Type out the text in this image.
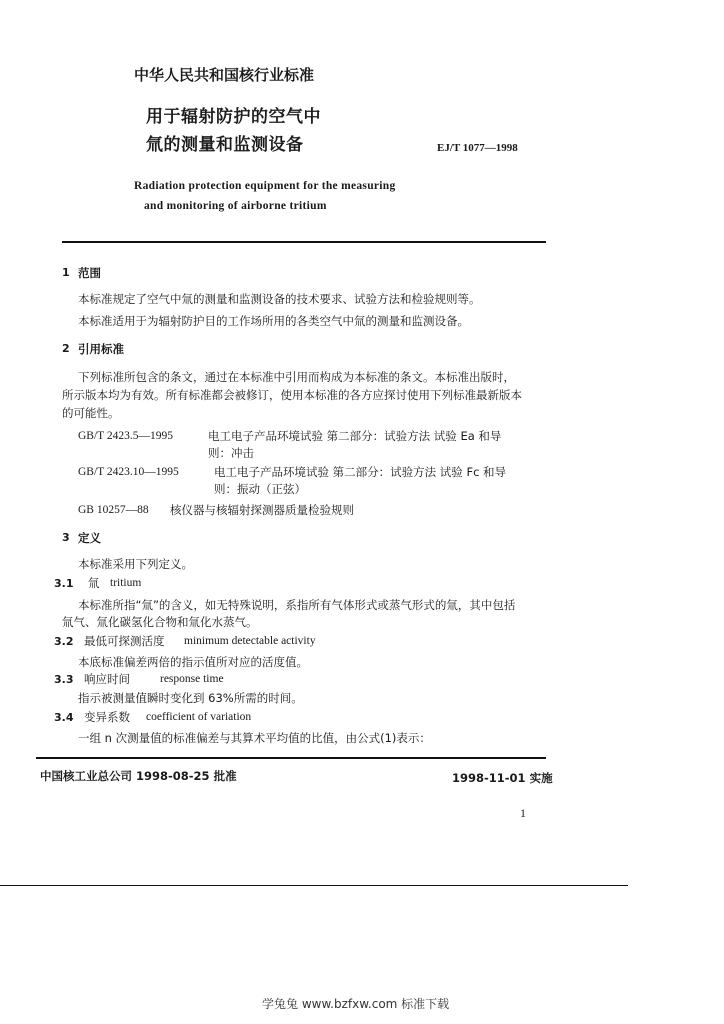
中华人民共和国核行业标准
用于辐射防护的空气中
氚的测量和监测设备	EJ/T 1077—1998
Radiation protection equipment for the measuring
and monitoring of airborne tritium
1 范围
本标准规定了空气中氚的测量和监测设备的技术要求、试验方法和检验规则等。
本标准适用于为辐射防护目的工作场所用的各类空气中氚的测量和监测设备。
2 引用标准
下列标准所包含的条文，通过在本标准中引用而构成为本标准的条文。本标准出版时，
所示版本均为有效。所有标准都会被修订，使用本标准的各方应探讨使用下列标准最新版本
的可能性。
GB/T 2423.5—1995	电工电子产品环境试验 第二部分：试验方法 试验 Ea 和导
则：冲击
GB/T 2423.10—1995	电工电子产品环境试验 第二部分：试验方法 试验 Fc 和导
则：振动（正弦）
GB 10257—88 核仪器与核辐射探测器质量检验规则
3 定义
本标准采用下列定义。
3.1 氚 tritium
本标准所指“氚”的含义，如无特殊说明，系指所有气体形式或蒸气形式的氚，其中包括
氚气、氚化碳氢化合物和氚化水蒸气。
3.2 最低可探测活度 minimum detectable activity
本底标准偏差两倍的指示值所对应的活度值。
3.3 响应时间	response time
指示被测量值瞬时变化到 63%所需的时间。
3.4 变异系数 coefficient of variation
一组 n 次测量值的标准偏差与其算术平均值的比值，由公式(1)表示：
中国核工业总公司 1998-08-25 批准	1998-11-01 实施
1
学兔兔 www.bzfxw.com 标准下载
